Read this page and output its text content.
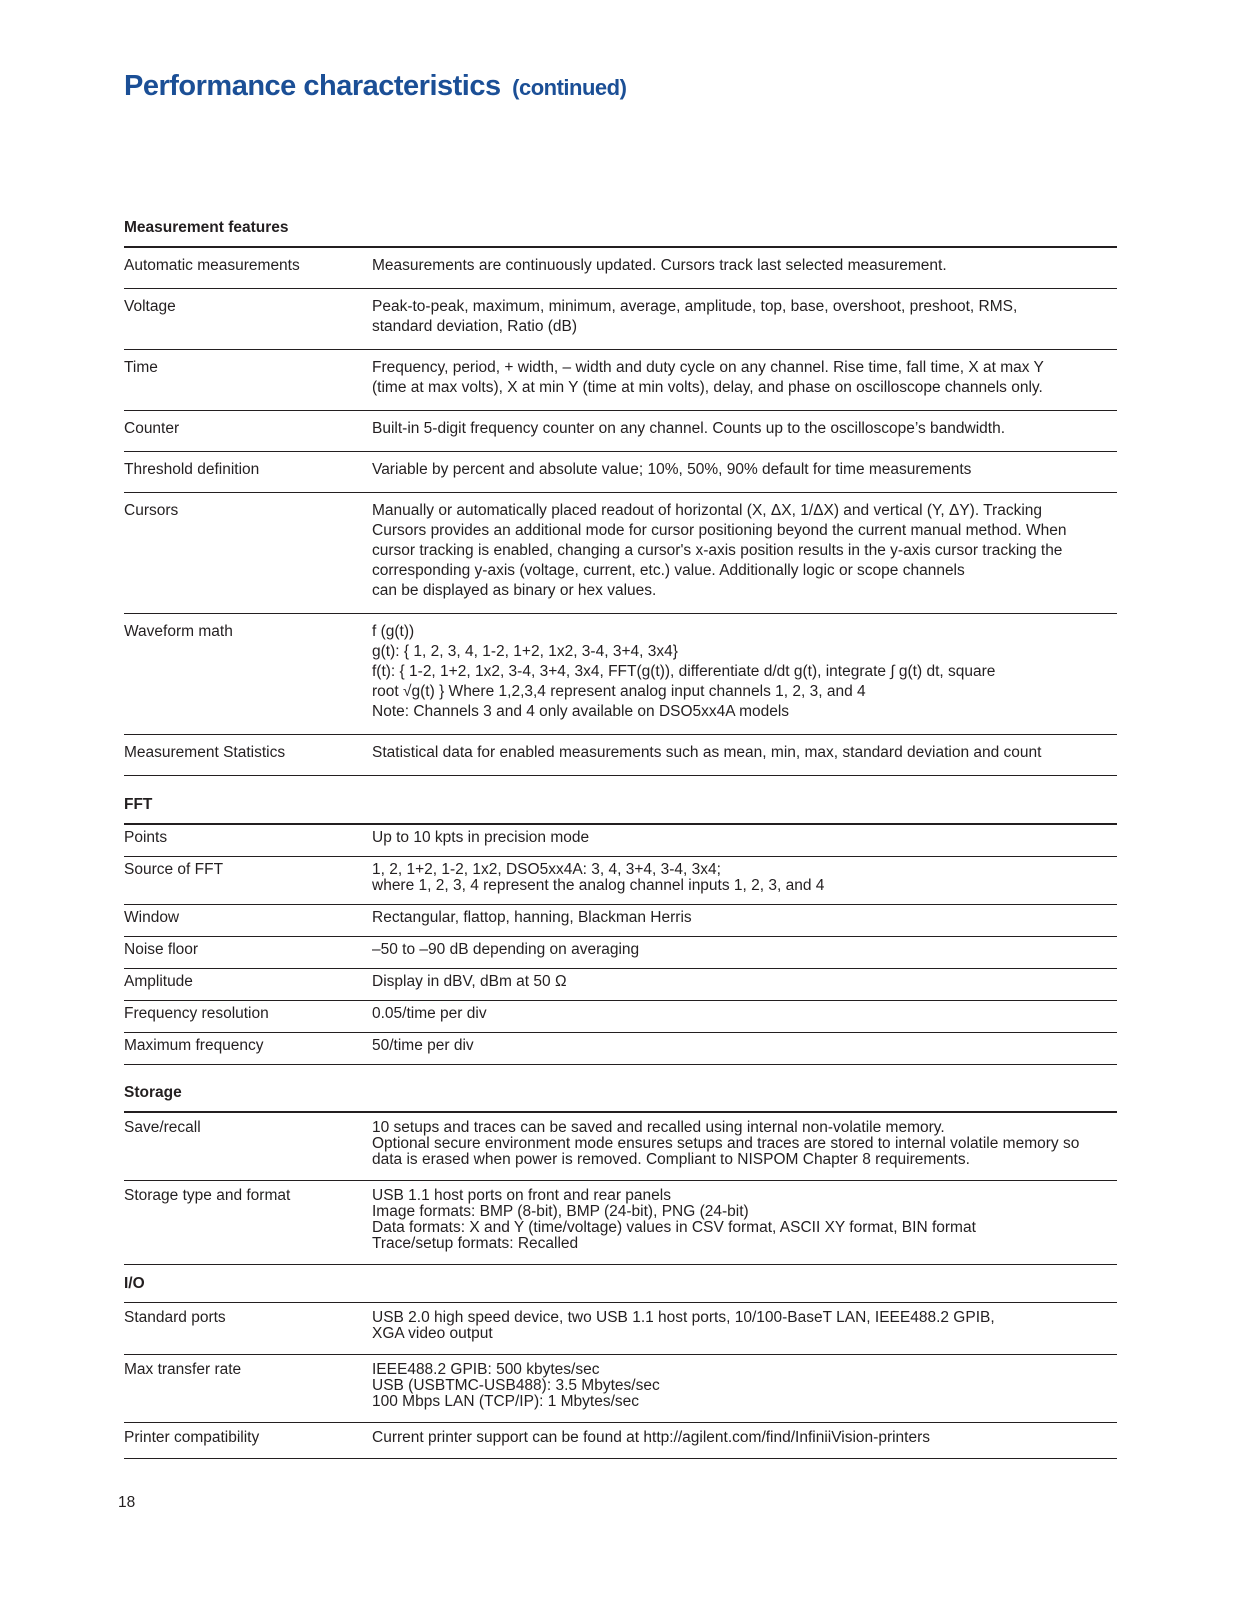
Performance characteristics (continued)
Measurement features
Automatic measurements	Measurements are continuously updated. Cursors track last selected measurement.
Voltage	Peak-to-peak, maximum, minimum, average, amplitude, top, base, overshoot, preshoot, RMS,
standard deviation, Ratio (dB)
Time	Frequency, period, + width, – width and duty cycle on any channel. Rise time, fall time, X at max Y
(time at max volts), X at min Y (time at min volts), delay, and phase on oscilloscope channels only.
Counter	Built-in 5-digit frequency counter on any channel. Counts up to the oscilloscope’s bandwidth.
Threshold definition	Variable by percent and absolute value; 10%, 50%, 90% default for time measurements
Cursors	Manually or automatically placed readout of horizontal (X, ΔX, 1/ΔX) and vertical (Y, ΔY). Tracking
Cursors provides an additional mode for cursor positioning beyond the current manual method. When
cursor tracking is enabled, changing a cursor's x-axis position results in the y-axis cursor tracking the
corresponding y-axis (voltage, current, etc.) value. Additionally logic or scope channels
can be displayed as binary or hex values.
Waveform math	f (g(t))
g(t): { 1, 2, 3, 4, 1-2, 1+2, 1x2, 3-4, 3+4, 3x4}
f(t): { 1-2, 1+2, 1x2, 3-4, 3+4, 3x4, FFT(g(t)), differentiate d/dt g(t), integrate ∫ g(t) dt, square
root √g(t) } Where 1,2,3,4 represent analog input channels 1, 2, 3, and 4
Note: Channels 3 and 4 only available on DSO5xx4A models
Measurement Statistics	Statistical data for enabled measurements such as mean, min, max, standard deviation and count
FFT
Points	Up to 10 kpts in precision mode
Source of FFT	1, 2, 1+2, 1-2, 1x2, DSO5xx4A: 3, 4, 3+4, 3-4, 3x4;
where 1, 2, 3, 4 represent the analog channel inputs 1, 2, 3, and 4
Window	Rectangular, flattop, hanning, Blackman Herris
Noise floor	–50 to –90 dB depending on averaging
Amplitude	Display in dBV, dBm at 50 Ω
Frequency resolution	0.05/time per div
Maximum frequency	50/time per div
Storage
Save/recall	10 setups and traces can be saved and recalled using internal non-volatile memory.
Optional secure environment mode ensures setups and traces are stored to internal volatile memory so
data is erased when power is removed. Compliant to NISPOM Chapter 8 requirements.
Storage type and format	USB 1.1 host ports on front and rear panels
Image formats: BMP (8-bit), BMP (24-bit), PNG (24-bit)
Data formats: X and Y (time/voltage) values in CSV format, ASCII XY format, BIN format
Trace/setup formats: Recalled
I/O
Standard ports	USB 2.0 high speed device, two USB 1.1 host ports, 10/100-BaseT LAN, IEEE488.2 GPIB,
XGA video output
Max transfer rate	IEEE488.2 GPIB: 500 kbytes/sec
USB (USBTMC-USB488): 3.5 Mbytes/sec
100 Mbps LAN (TCP/IP): 1 Mbytes/sec
Printer compatibility	Current printer support can be found at http://agilent.com/find/InfiniiVision-printers
18
